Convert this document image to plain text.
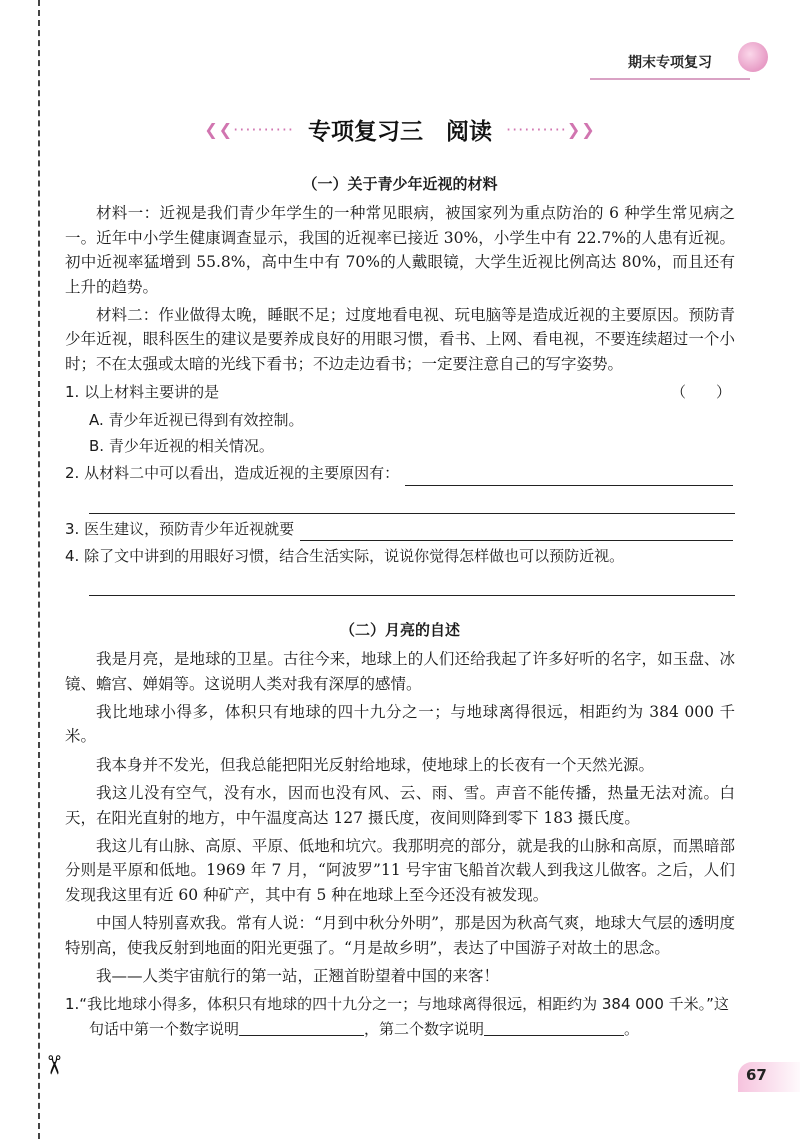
期末专项复习
❮❮·········· 专项复习三　阅读 ··········❯❯
（一）关于青少年近视的材料

材料一：近视是我们青少年学生的一种常见眼病，被国家列为重点防治的 6 种学生常见病之一。近年中小学生健康调查显示，我国的近视率已接近 30%，小学生中有 22.7%的人患有近视。初中近视率猛增到 55.8%，高中生中有 70%的人戴眼镜，大学生近视比例高达 80%，而且还有上升的趋势。

材料二：作业做得太晚，睡眠不足；过度地看电视、玩电脑等是造成近视的主要原因。预防青少年近视，眼科医生的建议是要养成良好的用眼习惯，看书、上网、看电视，不要连续超过一个小时；不在太强或太暗的光线下看书；不边走边看书；一定要注意自己的写字姿势。

1. 以上材料主要讲的是	（　　）
A. 青少年近视已得到有效控制。
B. 青少年近视的相关情况。
2. 从材料二中可以看出，造成近视的主要原因有：
3. 医生建议，预防青少年近视就要
4. 除了文中讲到的用眼好习惯，结合生活实际，说说你觉得怎样做也可以预防近视。
（二）月亮的自述

我是月亮，是地球的卫星。古往今来，地球上的人们还给我起了许多好听的名字，如玉盘、冰镜、蟾宫、婵娟等。这说明人类对我有深厚的感情。

我比地球小得多，体积只有地球的四十九分之一；与地球离得很远，相距约为 384 000 千米。

我本身并不发光，但我总能把阳光反射给地球，使地球上的长夜有一个天然光源。

我这儿没有空气，没有水，因而也没有风、云、雨、雪。声音不能传播，热量无法对流。白天，在阳光直射的地方，中午温度高达 127 摄氏度，夜间则降到零下 183 摄氏度。

我这儿有山脉、高原、平原、低地和坑穴。我那明亮的部分，就是我的山脉和高原，而黑暗部分则是平原和低地。1969 年 7 月，“阿波罗”11 号宇宙飞船首次载人到我这儿做客。之后，人们发现我这里有近 60 种矿产，其中有 5 种在地球上至今还没有被发现。

中国人特别喜欢我。常有人说：“月到中秋分外明”，那是因为秋高气爽，地球大气层的透明度特别高，使我反射到地面的阳光更强了。“月是故乡明”，表达了中国游子对故土的思念。

我——人类宇宙航行的第一站，正翘首盼望着中国的来客！

1.“我比地球小得多，体积只有地球的四十九分之一；与地球离得很远，相距约为 384 000 千米。”这句话中第一个数字说明	，第二个数字说明	。
✂	67
